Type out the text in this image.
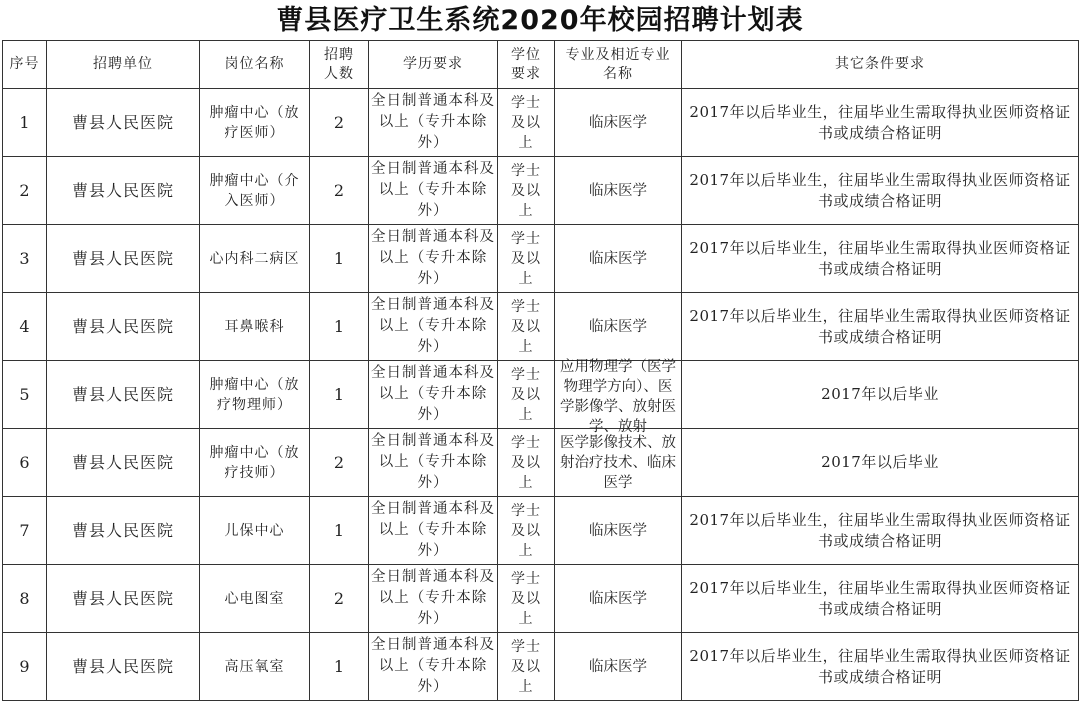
曹县医疗卫生系统2020年校园招聘计划表
序号	招聘单位	岗位名称	招聘人数	学历要求	学位要求	专业及相近专业名称	其它条件要求
1	曹县人民医院	肿瘤中心（放疗医师）	2	全日制普通本科及以上（专升本除外）	学士及以上	临床医学	2017年以后毕业生，往届毕业生需取得执业医师资格证书或成绩合格证明
2	曹县人民医院	肿瘤中心（介入医师）	2	全日制普通本科及以上（专升本除外）	学士及以上	临床医学	2017年以后毕业生，往届毕业生需取得执业医师资格证书或成绩合格证明
3	曹县人民医院	心内科二病区	1	全日制普通本科及以上（专升本除外）	学士及以上	临床医学	2017年以后毕业生，往届毕业生需取得执业医师资格证书或成绩合格证明
4	曹县人民医院	耳鼻喉科	1	全日制普通本科及以上（专升本除外）	学士及以上	临床医学	2017年以后毕业生，往届毕业生需取得执业医师资格证书或成绩合格证明
5	曹县人民医院	肿瘤中心（放疗物理师）	1	全日制普通本科及以上（专升本除外）	学士及以上	应用物理学（医学物理学方向）、医学影像学、放射医学、放射	2017年以后毕业
6	曹县人民医院	肿瘤中心（放疗技师）	2	全日制普通本科及以上（专升本除外）	学士及以上	医学影像技术、放射治疗技术、临床医学	2017年以后毕业
7	曹县人民医院	儿保中心	1	全日制普通本科及以上（专升本除外）	学士及以上	临床医学	2017年以后毕业生，往届毕业生需取得执业医师资格证书或成绩合格证明
8	曹县人民医院	心电图室	2	全日制普通本科及以上（专升本除外）	学士及以上	临床医学	2017年以后毕业生，往届毕业生需取得执业医师资格证书或成绩合格证明
9	曹县人民医院	高压氧室	1	全日制普通本科及以上（专升本除外）	学士及以上	临床医学	2017年以后毕业生，往届毕业生需取得执业医师资格证书或成绩合格证明
